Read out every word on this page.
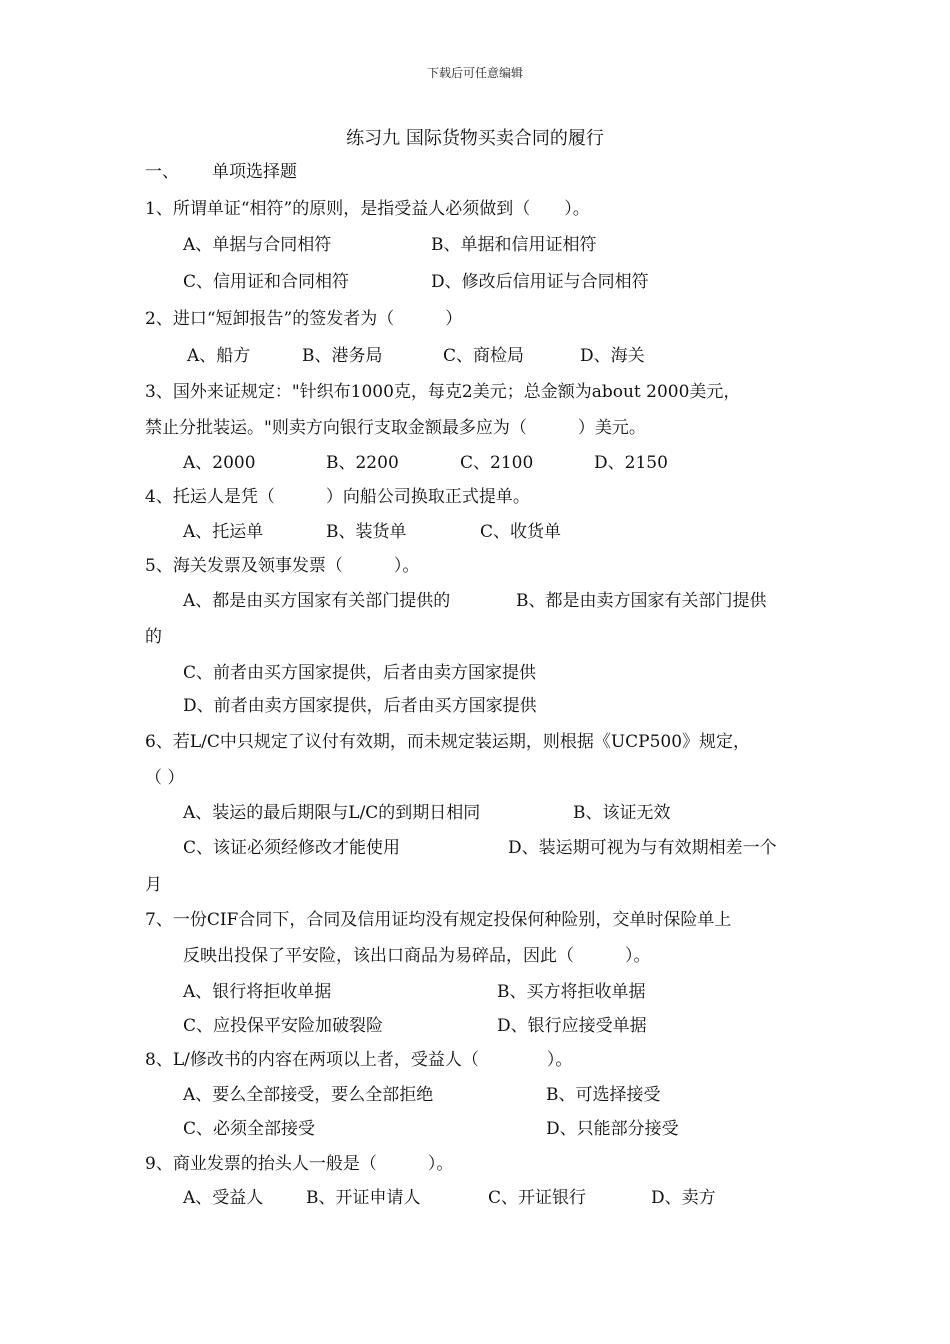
下载后可任意编辑
练习九 国际货物买卖合同的履行
一、 单项选择题
1、所谓单证“相符”的原则，是指受益人必须做到（　　）。
A、单据与合同相符	B、单据和信用证相符
C、信用证和合同相符	D、修改后信用证与合同相符
2、进口“短卸报告”的签发者为（　　　）
A、船方	B、港务局	C、商检局	D、海关
3、国外来证规定："针织布1000克，每克2美元；总金额为about 2000美元，
禁止分批装运。"则卖方向银行支取金额最多应为（　　　）美元。
A、2000	B、2200	C、2100	D、2150
4、托运人是凭（　　　）向船公司换取正式提单。
A、托运单	B、装货单	C、收货单
5、海关发票及领事发票（　　　）。
A、都是由买方国家有关部门提供的	B、都是由卖方国家有关部门提供
的
C、前者由买方国家提供，后者由卖方国家提供
D、前者由卖方国家提供，后者由买方国家提供
6、若L/C中只规定了议付有效期，而未规定装运期，则根据《UCP500》规定，
（ ）
A、装运的最后期限与L/C的到期日相同	B、该证无效
C、该证必须经修改才能使用	D、装运期可视为与有效期相差一个
月
7、一份CIF合同下，合同及信用证均没有规定投保何种险别，交单时保险单上
反映出投保了平安险，该出口商品为易碎品，因此（　　　）。
A、银行将拒收单据	B、买方将拒收单据
C、应投保平安险加破裂险	D、银行应接受单据
8、L/修改书的内容在两项以上者，受益人（　　　　）。
A、要么全部接受，要么全部拒绝	B、可选择接受
C、必须全部接受	D、只能部分接受
9、商业发票的抬头人一般是（　　　）。
A、受益人	B、开证申请人	C、开证银行	D、卖方
